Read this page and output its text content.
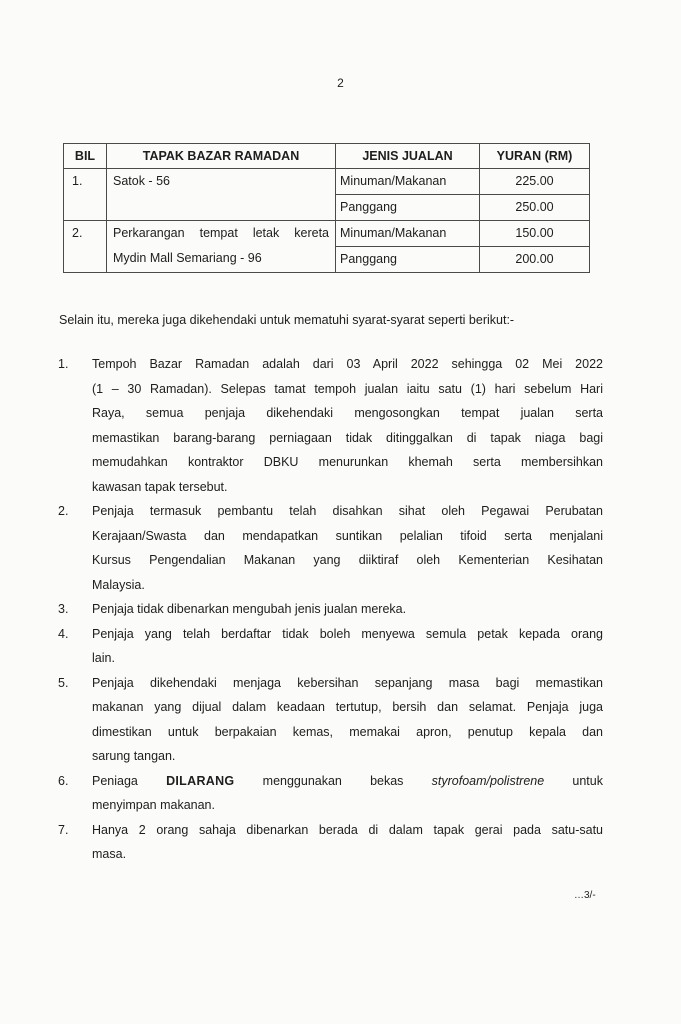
2
BIL	TAPAK BAZAR RAMADAN	JENIS JUALAN	YURAN (RM)
1.	Satok - 56	Minuman/Makanan	225.00
		Panggang	250.00
2.	Perkarangan tempat letak kereta
Mydin Mall Semariang - 96	Minuman/Makanan	150.00
		Panggang	200.00
Selain itu, mereka juga dikehendaki untuk mematuhi syarat-syarat seperti berikut:-
1. Tempoh Bazar Ramadan adalah dari 03 April 2022 sehingga 02 Mei 2022
(1 – 30 Ramadan). Selepas tamat tempoh jualan iaitu satu (1) hari sebelum Hari
Raya, semua penjaja dikehendaki mengosongkan tempat jualan serta
memastikan barang-barang perniagaan tidak ditinggalkan di tapak niaga bagi
memudahkan kontraktor DBKU menurunkan khemah serta membersihkan
kawasan tapak tersebut.
2. Penjaja termasuk pembantu telah disahkan sihat oleh Pegawai Perubatan
Kerajaan/Swasta dan mendapatkan suntikan pelalian tifoid serta menjalani
Kursus Pengendalian Makanan yang diiktiraf oleh Kementerian Kesihatan
Malaysia.
3. Penjaja tidak dibenarkan mengubah jenis jualan mereka.
4. Penjaja yang telah berdaftar tidak boleh menyewa semula petak kepada orang
lain.
5. Penjaja dikehendaki menjaga kebersihan sepanjang masa bagi memastikan
makanan yang dijual dalam keadaan tertutup, bersih dan selamat. Penjaja juga
dimestikan untuk berpakaian kemas, memakai apron, penutup kepala dan
sarung tangan.
6. Peniaga DILARANG menggunakan bekas styrofoam/polistrene untuk
menyimpan makanan.
7. Hanya 2 orang sahaja dibenarkan berada di dalam tapak gerai pada satu-satu
masa.
…3/-
